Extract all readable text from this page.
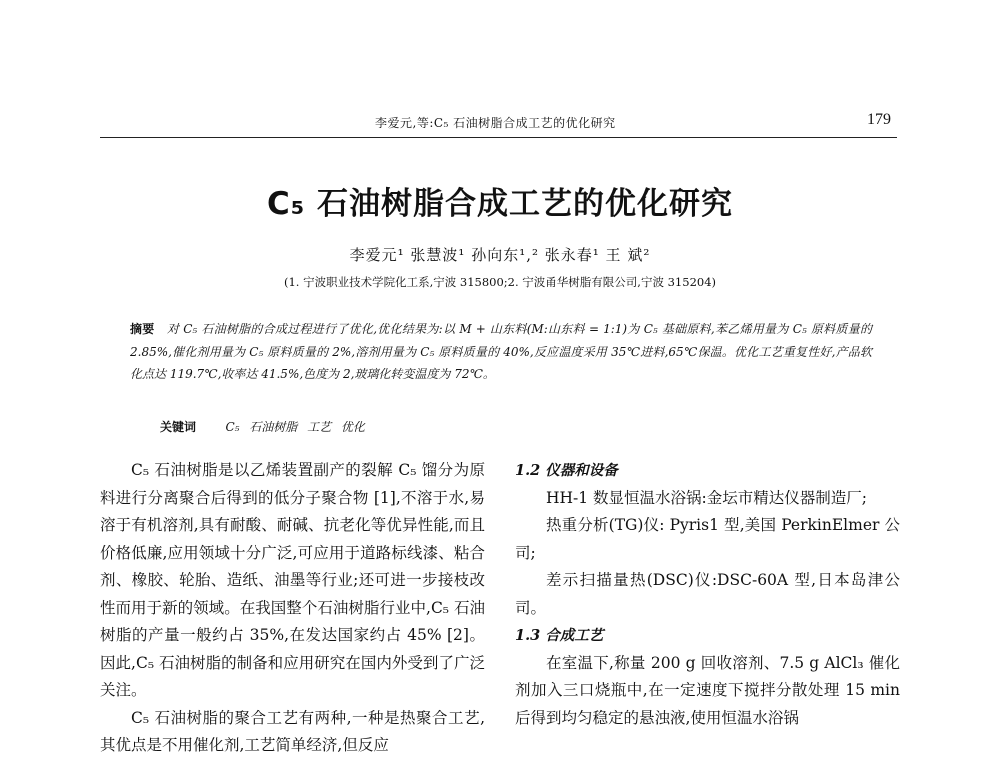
李爱元,等:C₅ 石油树脂合成工艺的优化研究	179
C₅ 石油树脂合成工艺的优化研究
李爱元¹ 张慧波¹ 孙向东¹,² 张永春¹ 王 斌²
(1. 宁波职业技术学院化工系,宁波 315800;2. 宁波甬华树脂有限公司,宁波 315204)
摘要 对 C₅ 石油树脂的合成过程进行了优化,优化结果为:以 M + 山东料(M:山东料 = 1:1)为 C₅ 基础原料,苯乙烯用量为 C₅ 原料质量的 2.85%,催化剂用量为 C₅ 原料质量的 2%,溶剂用量为 C₅ 原料质量的 40%,反应温度采用 35℃进料,65℃保温。优化工艺重复性好,产品软化点达 119.7℃,收率达 41.5%,色度为 2,玻璃化转变温度为 72℃。
关键词 C₅ 石油树脂 工艺 优化

C₅ 石油树脂是以乙烯装置副产的裂解 C₅ 馏分为原料进行分离聚合后得到的低分子聚合物 [1],不溶于水,易溶于有机溶剂,具有耐酸、耐碱、抗老化等优异性能,而且价格低廉,应用领域十分广泛,可应用于道路标线漆、粘合剂、橡胶、轮胎、造纸、油墨等行业;还可进一步接枝改性而用于新的领域。在我国整个石油树脂行业中,C₅ 石油树脂的产量一般约占 35%,在发达国家约占 45% [2]。因此,C₅ 石油树脂的制备和应用研究在国内外受到了广泛关注。

C₅ 石油树脂的聚合工艺有两种,一种是热聚合工艺,其优点是不用催化剂,工艺简单经济,但反应

1.2 仪器和设备

HH-1 数显恒温水浴锅:金坛市精达仪器制造厂;

热重分析(TG)仪: Pyris1 型,美国 PerkinElmer 公司;

差示扫描量热(DSC)仪:DSC-60A 型,日本岛津公司。

1.3 合成工艺

在室温下,称量 200 g 回收溶剂、7.5 g AlCl₃ 催化剂加入三口烧瓶中,在一定速度下搅拌分散处理 15 min 后得到均匀稳定的悬浊液,使用恒温水浴锅
